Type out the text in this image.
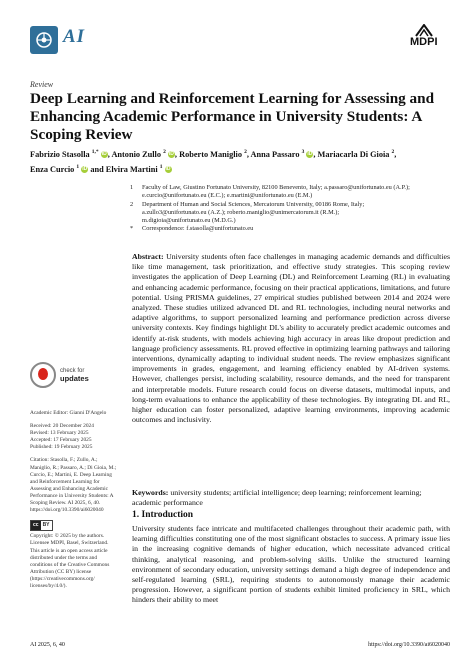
AI	MDPI
Review
Deep Learning and Reinforcement Learning for Assessing and Enhancing Academic Performance in University Students: A Scoping Review
Fabrizio Stasolla $^{1,*}$ iD, Antonio Zullo $^2$ iD, Roberto Maniglio $^2$, Anna Passaro $^3$ iD, Mariacarla Di Gioia $^2$,
Enza Curcio $^1$ iD and Elvira Martini $^1$ iD
1	Faculty of Law, Giustino Fortunato University, 82100 Benevento, Italy; a.passaro@unifortunato.eu (A.P.);
e.curcio@unifortunato.eu (E.C.); e.martini@unifortunato.eu (E.M.)
2	Department of Human and Social Sciences, Mercatorum University, 00186 Rome, Italy;
a.zullo3@unifortunato.eu (A.Z.); roberto.maniglio@unimercatorum.it (R.M.);
m.digioia@unifortunato.eu (M.D.G.)
*	Correspondence: f.stasolla@unifortunato.eu
Abstract: University students often face challenges in managing academic demands and difficulties like time management, task prioritization, and effective study strategies. This scoping review investigates the application of Deep Learning (DL) and Reinforcement Learning (RL) in evaluating and enhancing academic performance, focusing on their practical applications, limitations, and future potential. Using PRISMA guidelines, 27 empirical studies published between 2014 and 2024 were analyzed. These studies utilized advanced DL and RL technologies, including neural networks and adaptive algorithms, to support personalized learning and performance prediction across diverse university contexts. Key findings highlight DL's ability to accurately predict academic outcomes and identify at-risk students, with models achieving high accuracy in areas like dropout prediction and language proficiency assessments. RL proved effective in optimizing learning pathways and tailoring interventions, dynamically adapting to individual student needs. The review emphasizes significant improvements in grades, engagement, and learning efficiency enabled by AI-driven systems. However, challenges persist, including scalability, resource demands, and the need for transparent and interpretable models. Future research could focus on diverse datasets, multimodal inputs, and long-term evaluations to enhance the applicability of these technologies. By integrating DL and RL, higher education can foster personalized, adaptive learning environments, improving academic outcomes and inclusivity.
Keywords: university students; artificial intelligence; deep learning; reinforcement learning; academic performance
check for
updates
Academic Editor: Gianni D'Angelo
Received: 20 December 2024
Revised: 13 February 2025
Accepted: 17 February 2025
Published: 19 February 2025
Citation: Stasolla, F.; Zullo, A.;
Maniglio, R.; Passaro, A.; Di Gioia, M.;
Curcio, E.; Martini, E. Deep Learning
and Reinforcement Learning for
Assessing and Enhancing Academic
Performance in University Students: A
Scoping Review. AI 2025, 6, 40.
https://doi.org/10.3390/ai6020040
cc BY
Copyright: © 2025 by the authors.
Licensee MDPI, Basel, Switzerland.
This article is an open access article
distributed under the terms and
conditions of the Creative Commons
Attribution (CC BY) license
(https://creativecommons.org/
licenses/by/4.0/).
1. Introduction
University students face intricate and multifaceted challenges throughout their academic path, with learning difficulties constituting one of the most significant obstacles to success. A primary issue lies in the increasing cognitive demands of higher education, which necessitate advanced critical thinking, analytical reasoning, and problem-solving skills. Unlike the structured learning environment of secondary education, university settings demand a high degree of independence and self-regulated learning (SRL), requiring students to autonomously manage their academic progression. However, a significant portion of students exhibit limited proficiency in SRL, which hinders their ability to meet
AI 2025, 6, 40	https://doi.org/10.3390/ai6020040
